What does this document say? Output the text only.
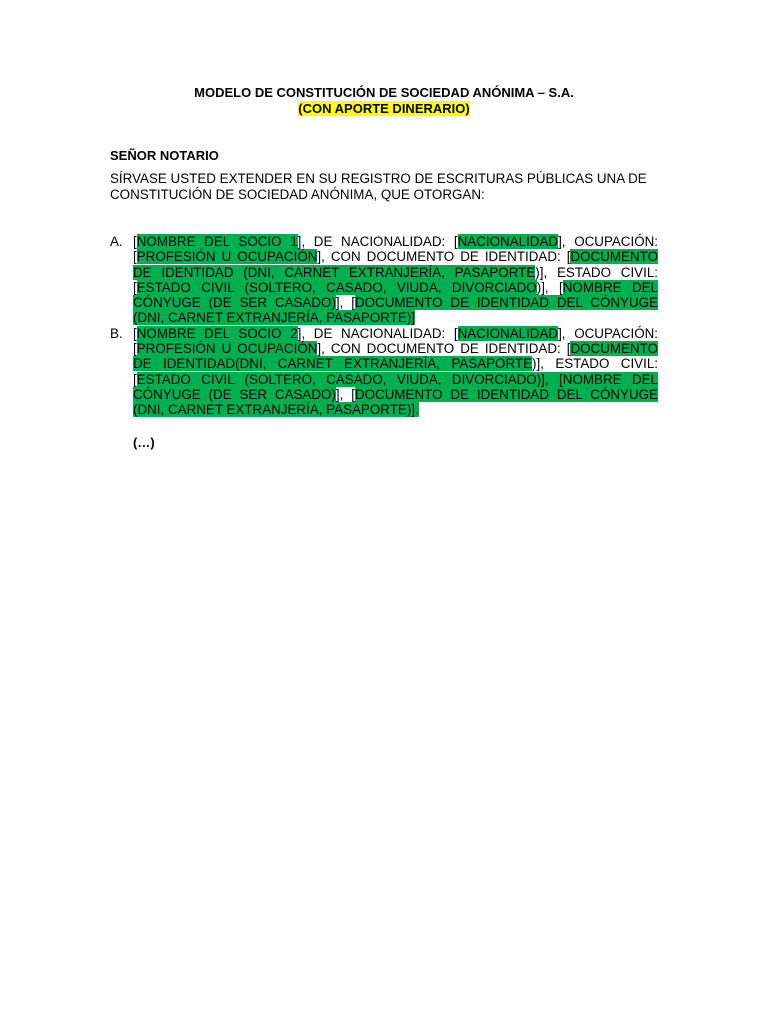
MODELO DE CONSTITUCIÓN DE SOCIEDAD ANÓNIMA – S.A.
(CON APORTE DINERARIO)
SEÑOR NOTARIO
SÍRVASE USTED EXTENDER EN SU REGISTRO DE ESCRITURAS PÚBLICAS UNA DE CONSTITUCIÓN DE SOCIEDAD ANÓNIMA, QUE OTORGAN:
A. [NOMBRE DEL SOCIO 1], DE NACIONALIDAD: [NACIONALIDAD], OCUPACIÓN: [PROFESIÓN U OCUPACIÓN], CON DOCUMENTO DE IDENTIDAD: [DOCUMENTO DE IDENTIDAD (DNI, CARNET EXTRANJERÍA, PASAPORTE)], ESTADO CIVIL: [ESTADO CIVIL (SOLTERO, CASADO, VIUDA, DIVORCIADO)], [NOMBRE DEL CÓNYUGE (DE SER CASADO)], [DOCUMENTO DE IDENTIDAD DEL CÓNYUGE (DNI, CARNET EXTRANJERÍA, PASAPORTE)]
B. [NOMBRE DEL SOCIO 2], DE NACIONALIDAD: [NACIONALIDAD], OCUPACIÓN: [PROFESIÓN U OCUPACIÓN], CON DOCUMENTO DE IDENTIDAD: [DOCUMENTO DE IDENTIDAD(DNI, CARNET EXTRANJERÍA, PASAPORTE)], ESTADO CIVIL: [ESTADO CIVIL (SOLTERO, CASADO, VIUDA, DIVORCIADO)], [NOMBRE DEL CÓNYUGE (DE SER CASADO)], [DOCUMENTO DE IDENTIDAD DEL CÓNYUGE (DNI, CARNET EXTRANJERÍA, PASAPORTE)].
(…)
